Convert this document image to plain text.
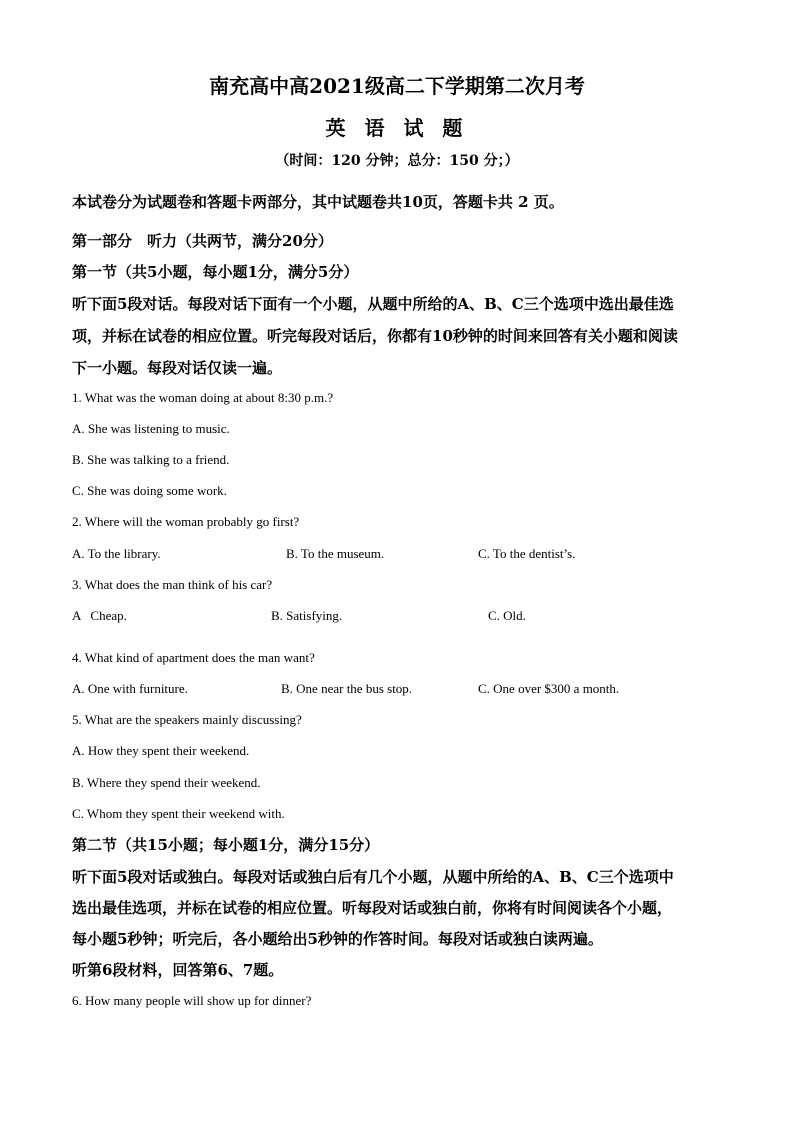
南充高中高2021级高二下学期第二次月考
英 语 试 题
（时间：120 分钟；总分：150 分；）
本试卷分为试题卷和答题卡两部分，其中试题卷共10页，答题卡共 2 页。
第一部分　听力（共两节，满分20分）
第一节（共5小题，每小题1分，满分5分）
听下面5段对话。每段对话下面有一个小题，从题中所给的A、B、C三个选项中选出最佳选
项，并标在试卷的相应位置。听完每段对话后，你都有10秒钟的时间来回答有关小题和阅读
下一小题。每段对话仅读一遍。
1. What was the woman doing at about 8:30 p.m.?
A. She was listening to music.
B. She was talking to a friend.
C. She was doing some work.
2. Where will the woman probably go first?
A. To the library.	B. To the museum.	C. To the dentist’s.
3. What does the man think of his car?
A   Cheap.	B. Satisfying.	C. Old.
4. What kind of apartment does the man want?
A. One with furniture.	B. One near the bus stop.	C. One over $300 a month.
5. What are the speakers mainly discussing?
A. How they spent their weekend.
B. Where they spend their weekend.
C. Whom they spent their weekend with.
第二节（共15小题；每小题1分，满分15分）
听下面5段对话或独白。每段对话或独白后有几个小题，从题中所给的A、B、C三个选项中
选出最佳选项，并标在试卷的相应位置。听每段对话或独白前，你将有时间阅读各个小题，
每小题5秒钟；听完后，各小题给出5秒钟的作答时间。每段对话或独白读两遍。
听第6段材料，回答第6、7题。
6. How many people will show up for dinner?
